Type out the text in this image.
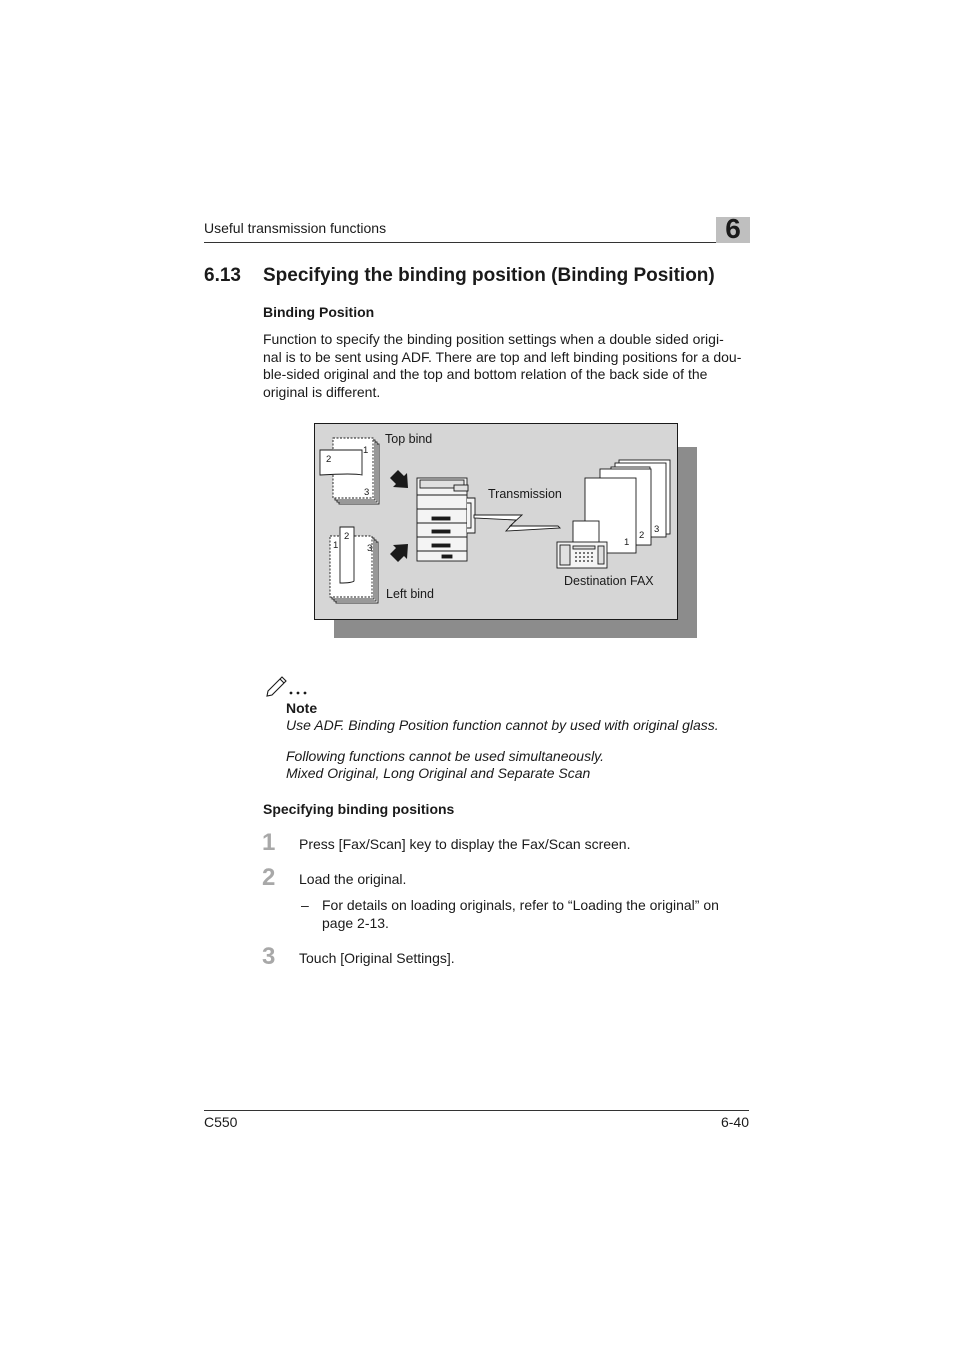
Useful transmission functions	6
6.13 Specifying the binding position (Binding Position)
Binding Position
Function to specify the binding position settings when a double sided origi-
nal is to be sent using ADF. There are top and left binding positions for a dou-
ble-sided original and the top and bottom relation of the back side of the
original is different.
2
1
3
Top bind
1
2
3
Left bind
Transmission
3
2
1
Destination FAX
Note
Use ADF. Binding Position function cannot by used with original glass.
Following functions cannot be used simultaneously.
Mixed Original, Long Original and Separate Scan
Specifying binding positions
1 Press [Fax/Scan] key to display the Fax/Scan screen.
2 Load the original.
– For details on loading originals, refer to “Loading the original” on
page 2-13.
3 Touch [Original Settings].
C550	6-40
